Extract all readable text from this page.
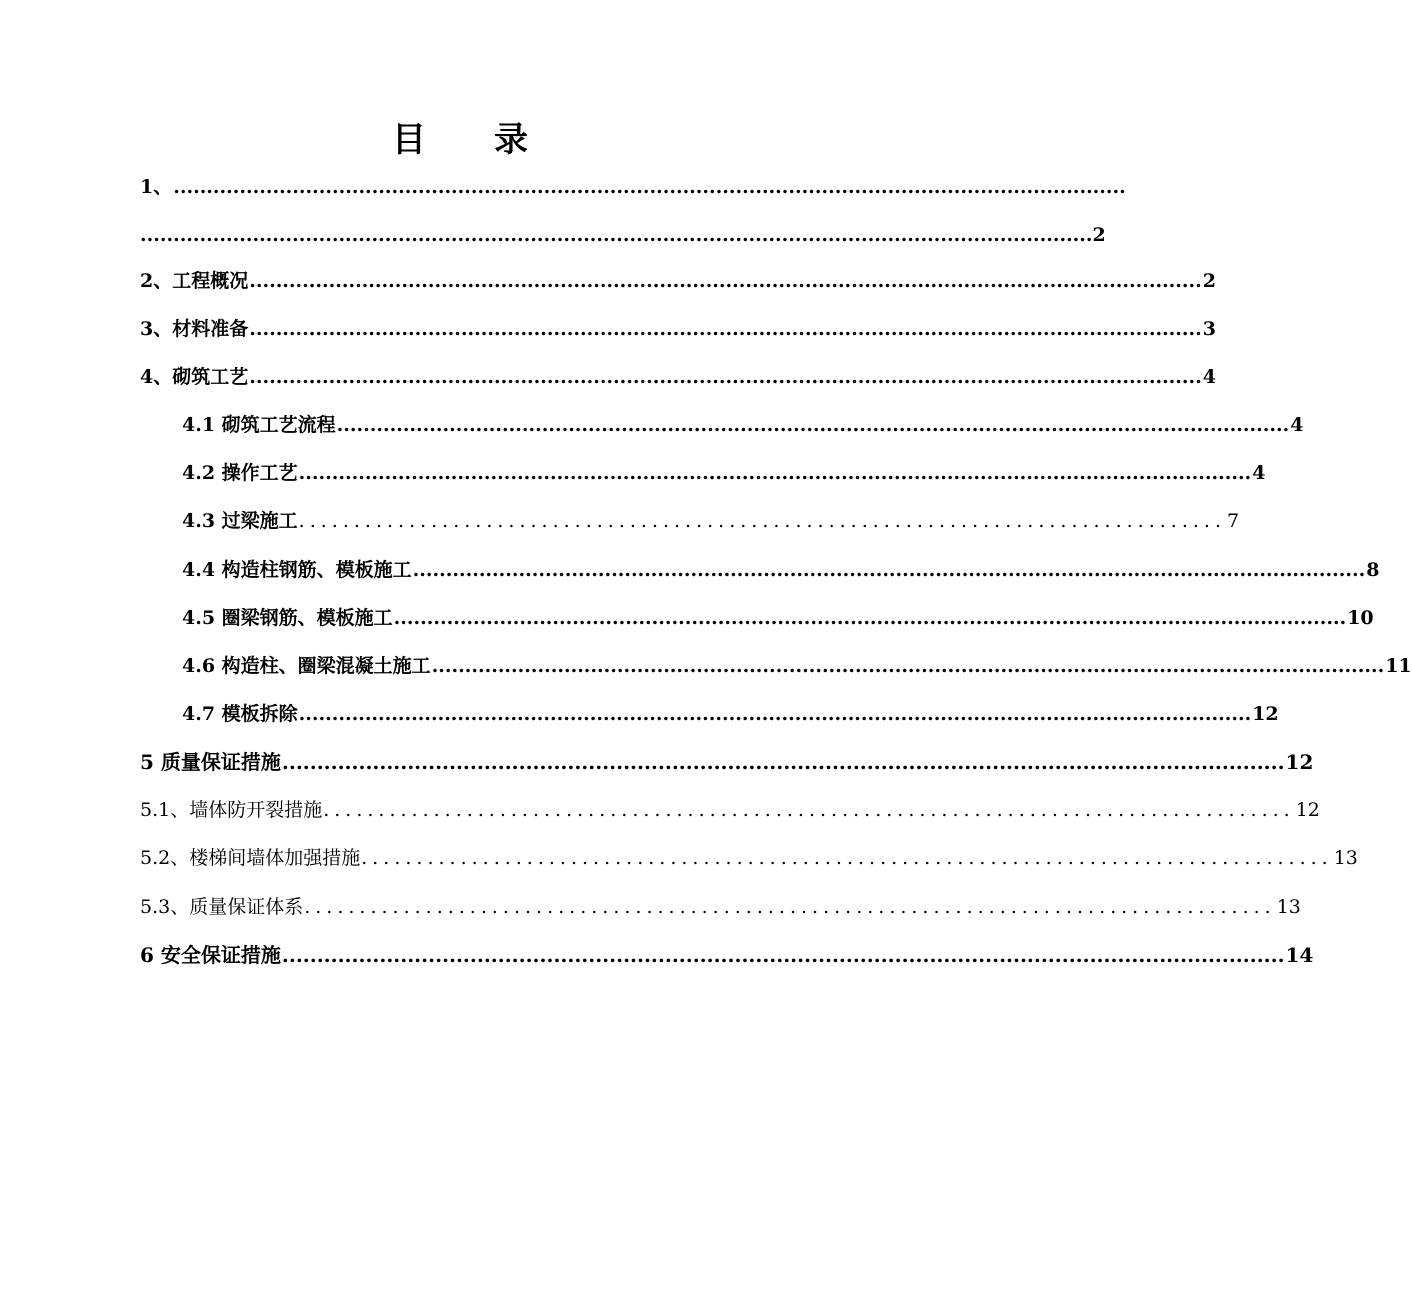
目　录
1、 ................................................................................................................................................
................................................................................................................................................ 2
2、工程概况 ................................................................................................................................................ 2
3、材料准备 ................................................................................................................................................ 3
4、砌筑工艺 ................................................................................................................................................ 4
4.1 砌筑工艺流程 ................................................................................................................................................ 4
4.2 操作工艺 ................................................................................................................................................ 4
4.3 过梁施工 .................................................................................... 7
4.4 构造柱钢筋、模板施工 ................................................................................................................................................ 8
4.5 圈梁钢筋、模板施工 ................................................................................................................................................ 10
4.6 构造柱、圈梁混凝土施工 ................................................................................................................................................ 11
4.7 模板拆除 ................................................................................................................................................ 12
5 质量保证措施 ................................................................................................................................................ 12
5.1、墙体防开裂措施 ........................................................................................ 12
5.2、楼梯间墙体加强措施 ........................................................................................ 13
5.3、质量保证体系 ........................................................................................ 13
6 安全保证措施 ................................................................................................................................................ 14
